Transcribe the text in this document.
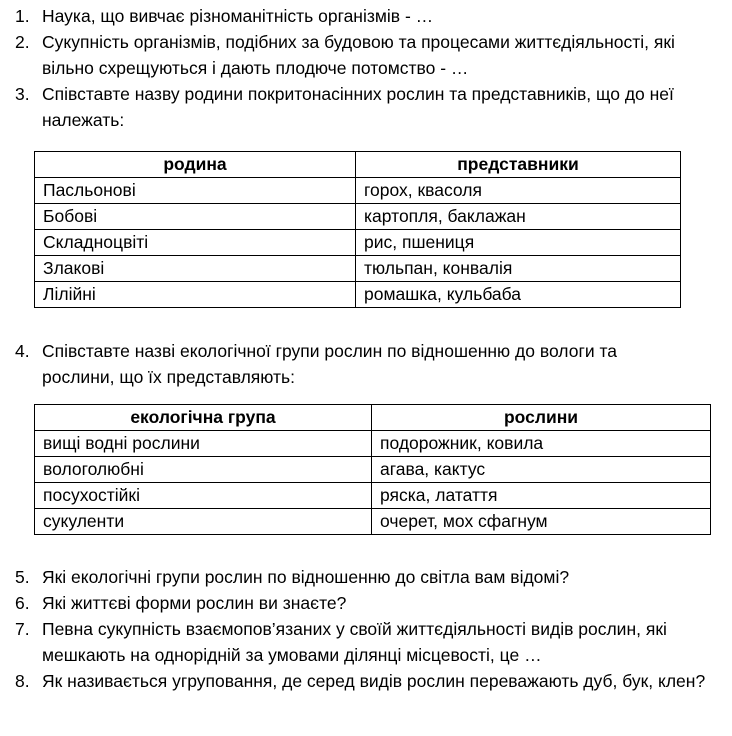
1. Наука, що вивчає різноманітність організмів - …
2. Сукупність організмів, подібних за будовою та процесами життєдіяльності, які вільно схрещуються і дають плодюче потомство - …
3. Співставте назву родини покритонасінних рослин та представників, що до неї належать:
родина	представники
Пасльонові	горох, квасоля
Бобові	картопля, баклажан
Складноцвіті	рис, пшениця
Злакові	тюльпан, конвалія
Лілійні	ромашка, кульбаба
4. Співставте назві екологічної групи рослин по відношенню до вологи та рослини, що їх представляють:
екологічна група	рослини
вищі водні рослини	подорожник, ковила
вологолюбні	агава, кактус
посухостійкі	ряска, латаття
сукуленти	очерет, мох сфагнум
5. Які екологічні групи рослин по відношенню до світла вам відомі?
6. Які життєві форми рослин ви знаєте?
7. Певна сукупність взаємопов’язаних у своїй життєдіяльності видів рослин, які мешкають на однорідній за умовами ділянці місцевості, це …
8. Як називається угруповання, де серед видів рослин переважають дуб, бук, клен?
